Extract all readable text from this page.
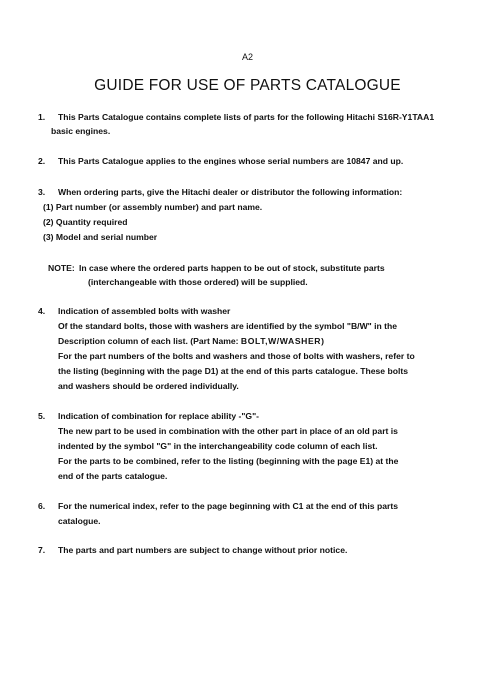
A2
GUIDE FOR USE OF PARTS CATALOGUE
1. This Parts Catalogue contains complete lists of parts for the following Hitachi S16R-Y1TAA1
basic engines.
2. This Parts Catalogue applies to the engines whose serial numbers are 10847 and up.
3. When ordering parts, give the Hitachi dealer or distributor the following information:
(1) Part number (or assembly number) and part name.
(2) Quantity required
(3) Model and serial number
NOTE: In case where the ordered parts happen to be out of stock, substitute parts
(interchangeable with those ordered) will be supplied.
4. Indication of assembled bolts with washer
Of the standard bolts, those with washers are identified by the symbol "B/W" in the
Description column of each list. (Part Name: BOLT,W/WASHER)
For the part numbers of the bolts and washers and those of bolts with washers, refer to
the listing (beginning with the page D1) at the end of this parts catalogue. These bolts
and washers should be ordered individually.
5. Indication of combination for replace ability -"G"-
The new part to be used in combination with the other part in place of an old part is
indented by the symbol "G" in the interchangeability code column of each list.
For the parts to be combined, refer to the listing (beginning with the page E1) at the
end of the parts catalogue.
6. For the numerical index, refer to the page beginning with C1 at the end of this parts
catalogue.
7. The parts and part numbers are subject to change without prior notice.
